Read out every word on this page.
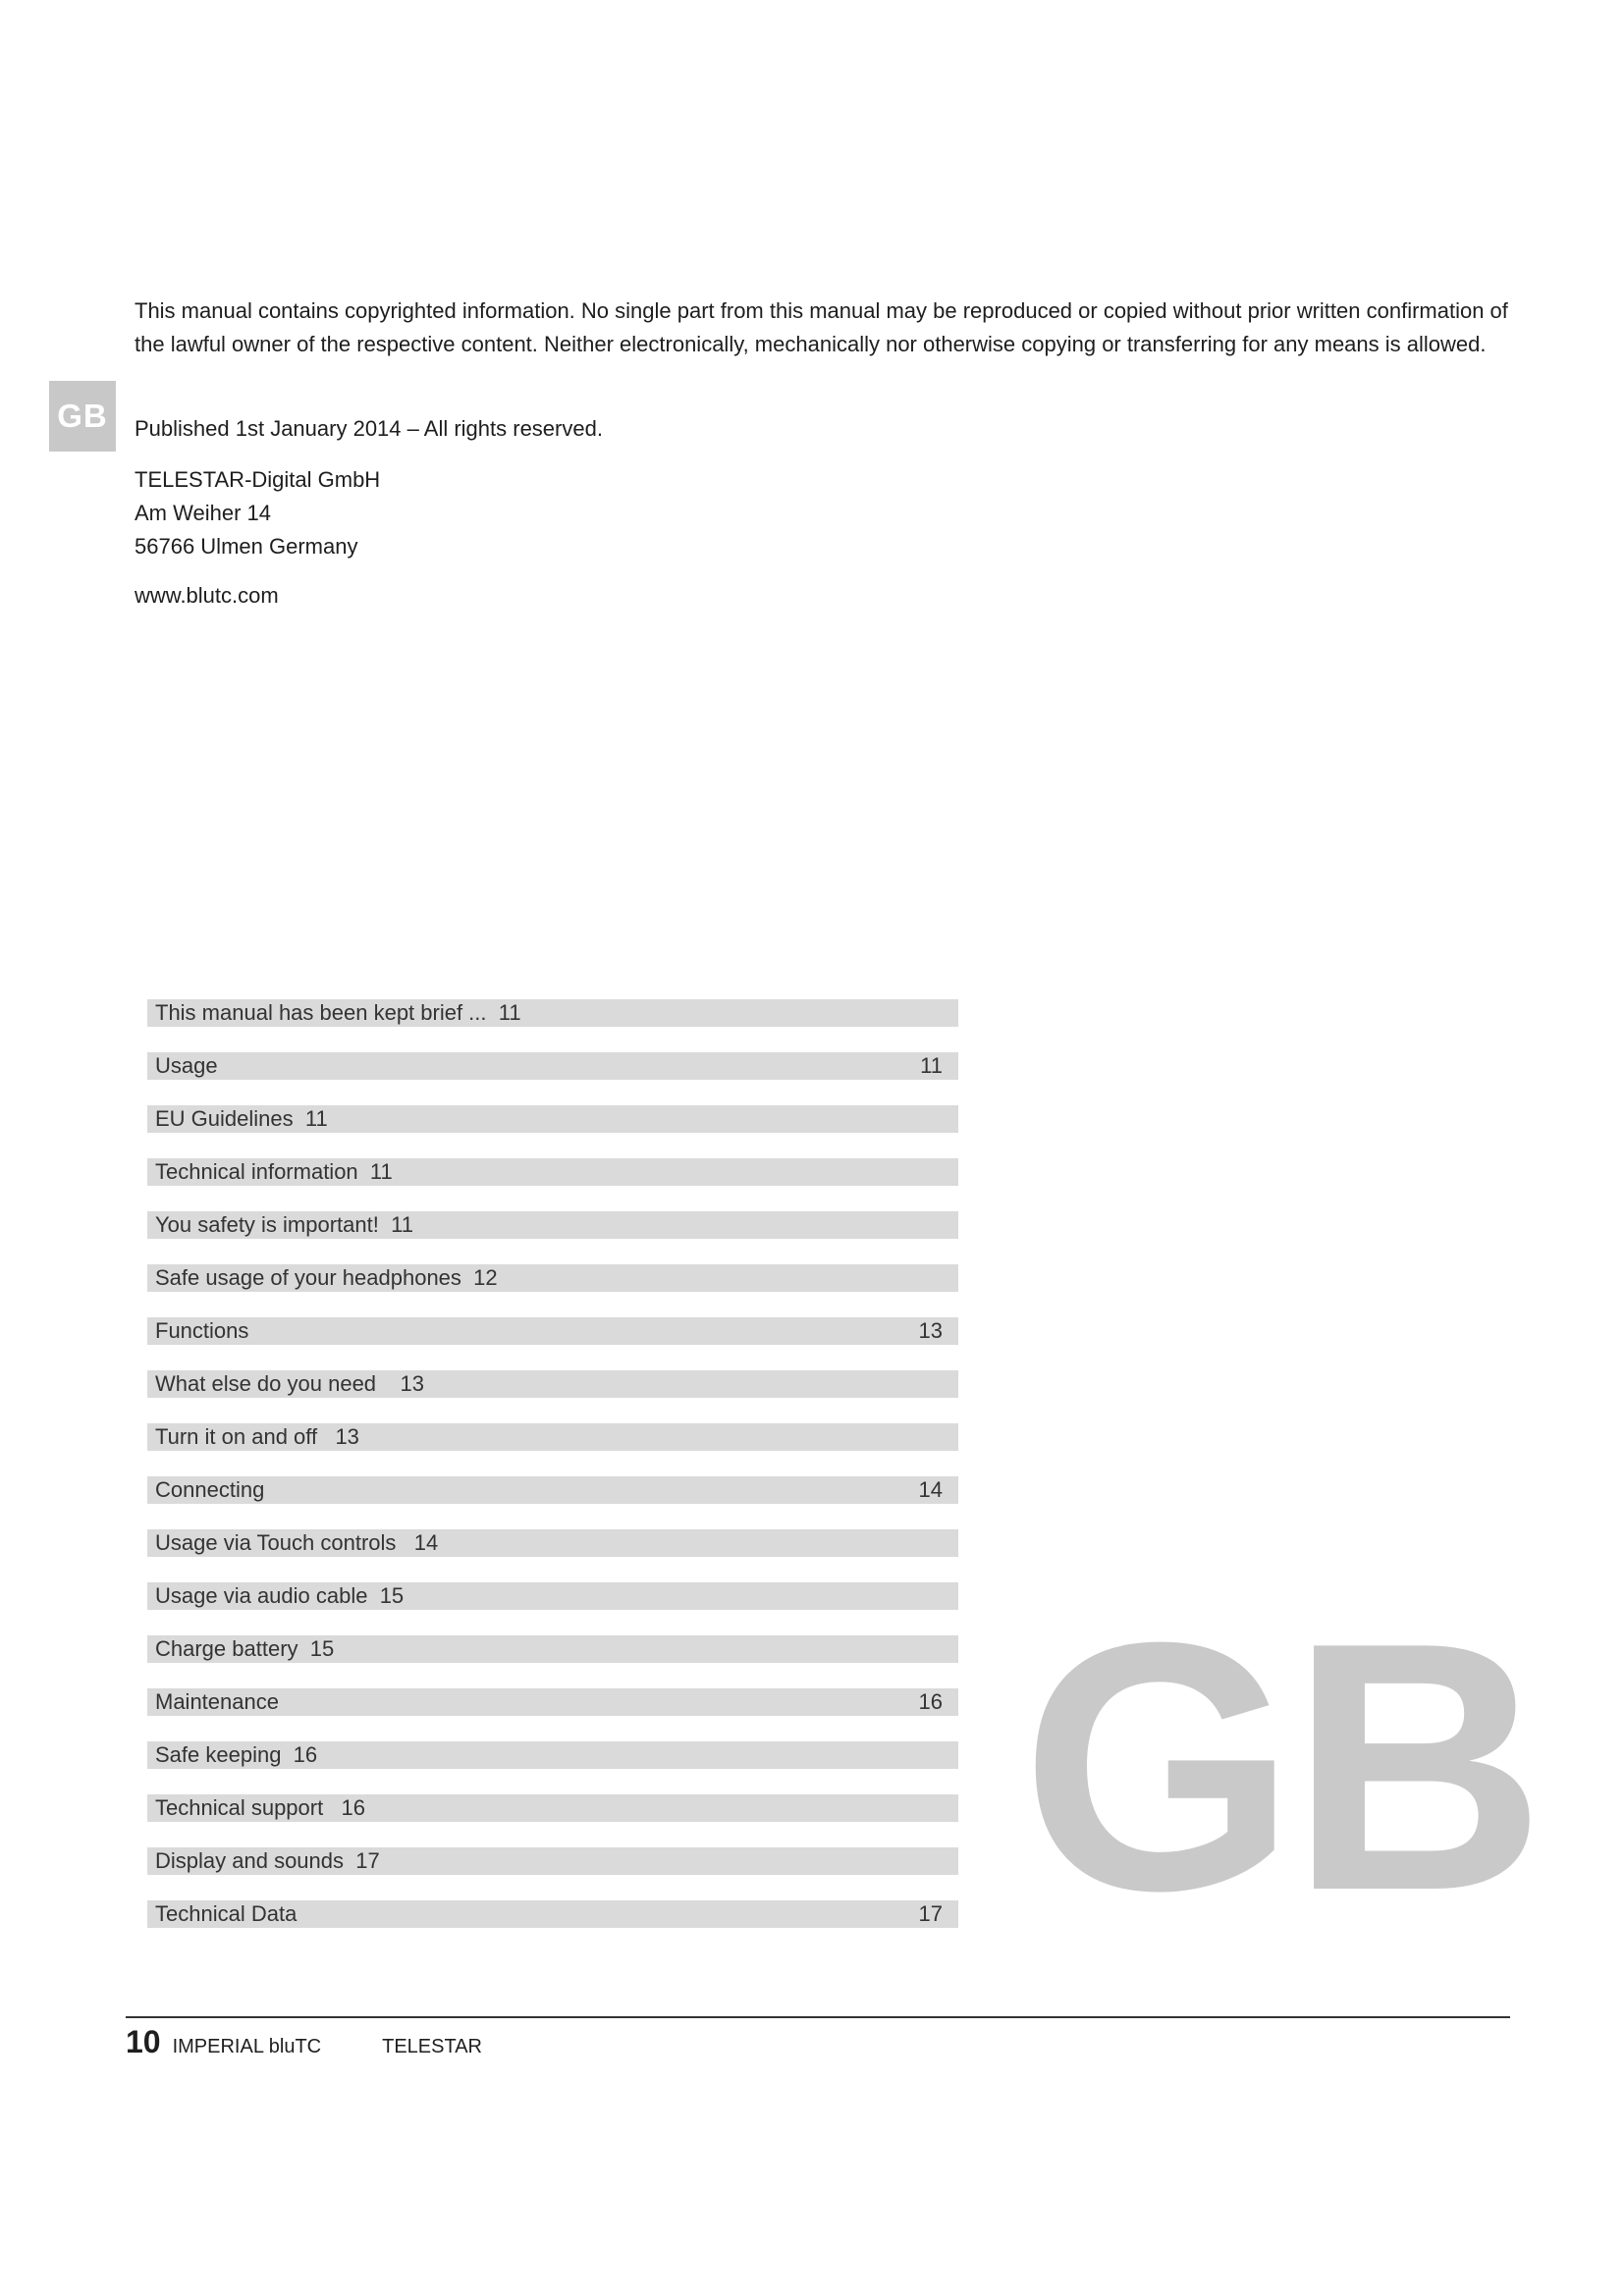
GB

This manual contains copyrighted information. No single part from this manual may be reproduced or copied without prior written confirmation of the lawful owner of the respective content. Neither electronically, mechanically nor otherwise copying or transferring for any means is allowed.

Published 1st January 2014 – All rights reserved.

TELESTAR-Digital GmbH
Am Weiher 14
56766 Ulmen Germany

www.blutc.com

This manual has been kept brief ...  11
Usage	11
EU Guidelines  11
Technical information  11
You safety is important!  11
Safe usage of your headphones  12
Functions	13
What else do you need    13
Turn it on and off   13
Connecting	14
Usage via Touch controls   14
Usage via audio cable  15
Charge battery  15
Maintenance	16
Safe keeping  16
Technical support   16
Display and sounds  17
Technical Data	17 GB
10 IMPERIAL bluTC	TELESTAR
